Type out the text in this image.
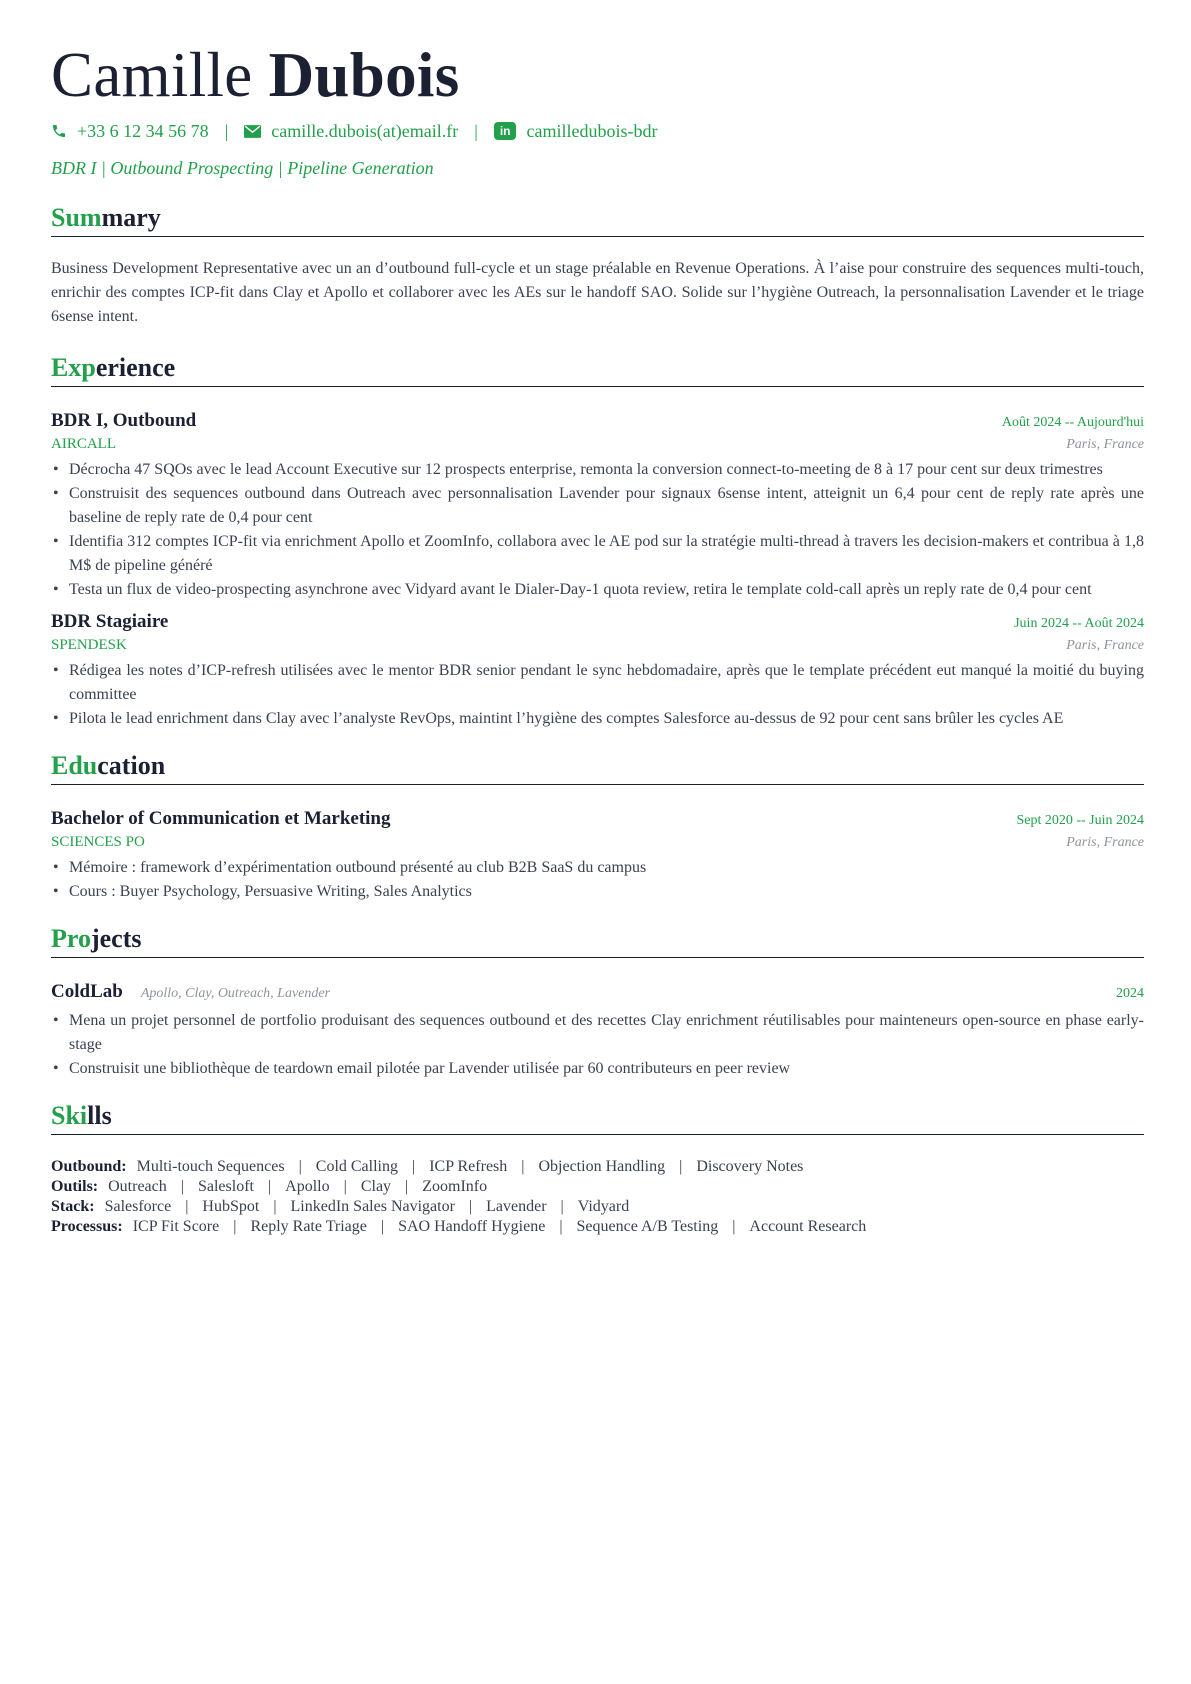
Camille Dubois
+33 6 12 34 56 78 | camille.dubois(at)email.fr |	in camilledubois-bdr
BDR I | Outbound Prospecting | Pipeline Generation
Summary
Business Development Representative avec un an d’outbound full-cycle et un stage préalable en Revenue Operations. À l’aise pour construire des sequences multi-touch, enrichir des comptes ICP-fit dans Clay et Apollo et collaborer avec les AEs sur le handoff SAO. Solide sur l’hygiène Outreach, la personnalisation Lavender et le triage 6sense intent.
Experience
BDR I, Outbound	Août 2024 -- Aujourd'hui
AIRCALL	Paris, France
• Décrocha 47 SQOs avec le lead Account Executive sur 12 prospects enterprise, remonta la conversion connect-to-meeting de 8 à 17 pour cent sur deux trimestres
• Construisit des sequences outbound dans Outreach avec personnalisation Lavender pour signaux 6sense intent, atteignit un 6,4 pour cent de reply rate après une baseline de reply rate de 0,4 pour cent
• Identifia 312 comptes ICP-fit via enrichment Apollo et ZoomInfo, collabora avec le AE pod sur la stratégie multi-thread à travers les decision-makers et contribua à 1,8 M$ de pipeline généré
• Testa un flux de video-prospecting asynchrone avec Vidyard avant le Dialer-Day-1 quota review, retira le template cold-call après un reply rate de 0,4 pour cent
BDR Stagiaire	Juin 2024 -- Août 2024
SPENDESK	Paris, France
• Rédigea les notes d’ICP-refresh utilisées avec le mentor BDR senior pendant le sync hebdomadaire, après que le template précédent eut manqué la moitié du buying committee
• Pilota le lead enrichment dans Clay avec l’analyste RevOps, maintint l’hygiène des comptes Salesforce au-dessus de 92 pour cent sans brûler les cycles AE
Education
Bachelor of Communication et Marketing	Sept 2020 -- Juin 2024
SCIENCES PO	Paris, France
• Mémoire : framework d’expérimentation outbound présenté au club B2B SaaS du campus
• Cours : Buyer Psychology, Persuasive Writing, Sales Analytics
Projects
ColdLab Apollo, Clay, Outreach, Lavender	2024
• Mena un projet personnel de portfolio produisant des sequences outbound et des recettes Clay enrichment réutilisables pour mainteneurs open-source en phase early-stage
• Construisit une bibliothèque de teardown email pilotée par Lavender utilisée par 60 contributeurs en peer review
Skills
Outbound: Multi-touch Sequences | Cold Calling | ICP Refresh | Objection Handling | Discovery Notes
Outils: Outreach | Salesloft | Apollo | Clay | ZoomInfo
Stack: Salesforce | HubSpot | LinkedIn Sales Navigator | Lavender | Vidyard
Processus: ICP Fit Score | Reply Rate Triage | SAO Handoff Hygiene | Sequence A/B Testing | Account Research
